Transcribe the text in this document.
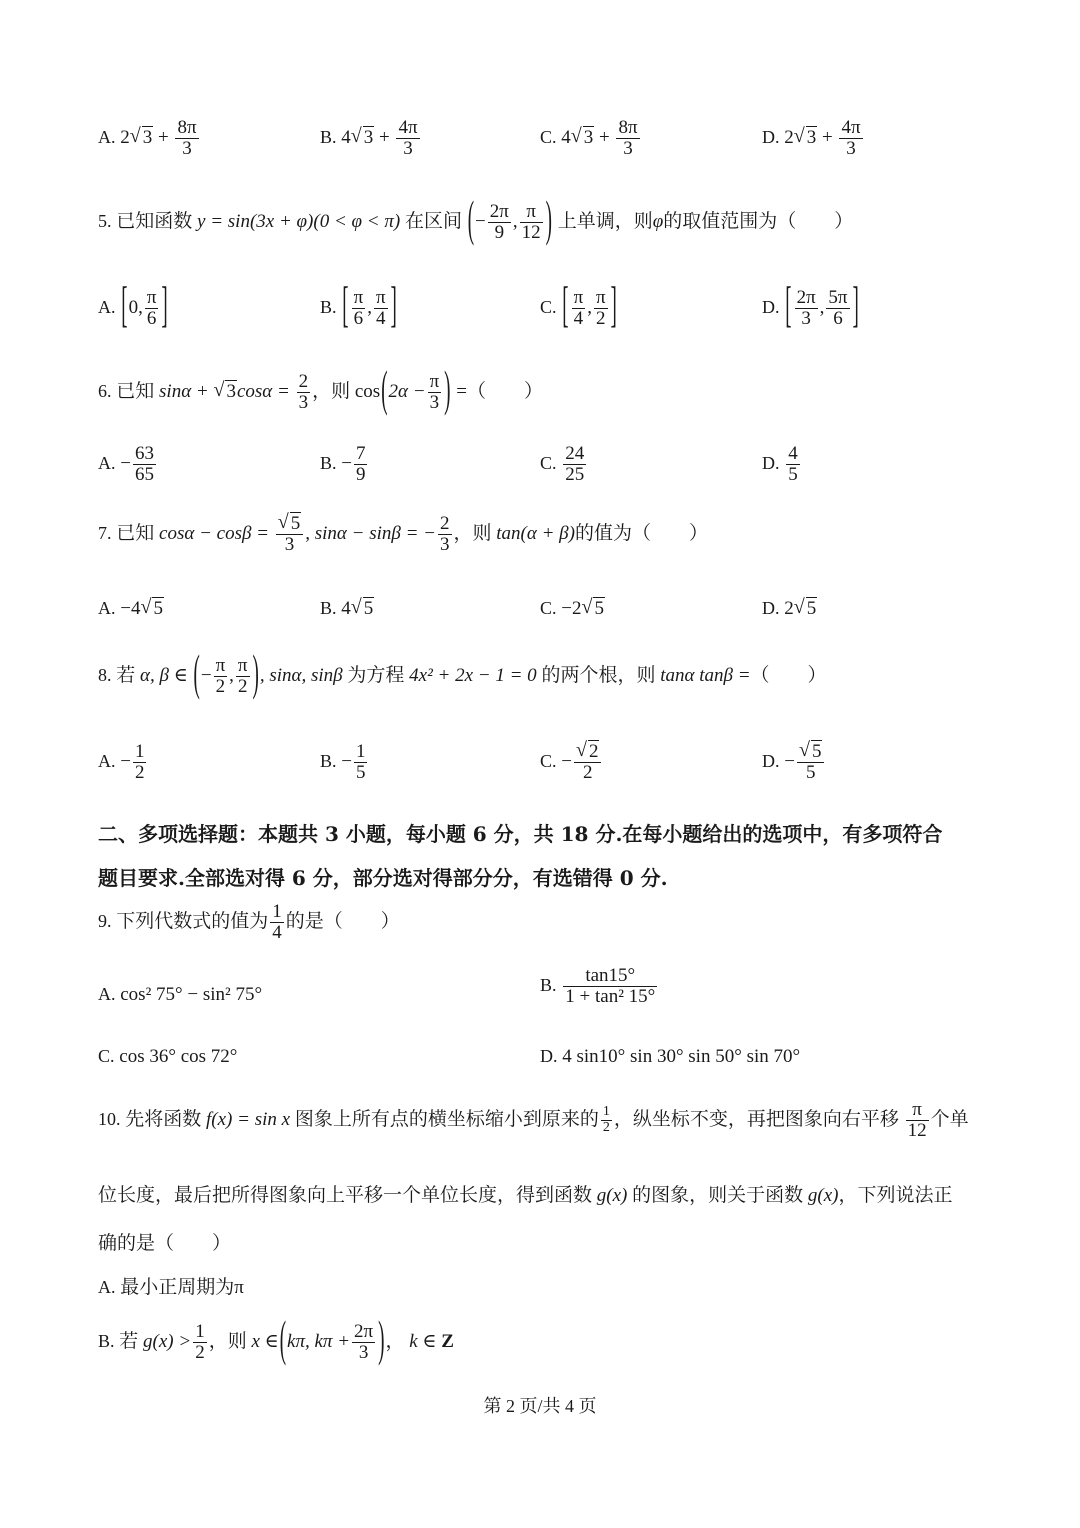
A. 2 √ $3 + \frac{8\pi}{3}$	B. 4 √ $3 + \frac{4\pi}{3}$	C. 4 √ $3 + \frac{8\pi}{3}$	D. 2 √ $3 + \frac{4\pi}{3}$
5. 已知函数 y = sin(3x + φ)(0 < φ < π) 在区间 (− $\frac{2\pi}{9}$ , $\frac{\pi}{12}$ ) 上单调，则φ的取值范围为（　　）
A. [0, $\frac{\pi}{6}$ ]	B. [ $\frac{\pi}{6}$ , $\frac{\pi}{4}$ ]	C. [ $\frac{\pi}{4}$ , $\frac{\pi}{2}$ ]	D. [ $\frac{2\pi}{3}$ , $\frac{5\pi}{6}$ ]
6. 已知 sinα + √ $3\cos\alpha = \frac{2}{3}$ ，则 $\cos(2\alpha - \frac{\pi}{3}$ ) =（　　）
A. − $\frac{63}{65}$	B. − $\frac{7}{9}$	C. $\frac{24}{25}$	D. $\frac{4}{5}$
7. 已知 cosα − cosβ = √ $\frac{5}{3}$ , sinα − sinβ = − $\frac{2}{3}$ ，则 tan(α + β)的值为（　　）
A. −4 √ 5	B. 4 √ 5	C. −2 √ 5	D. 2 √ 5
8. 若 α, β ∈ (− $\frac{\pi}{2}$ , $\frac{\pi}{2}$ ), sinα, sinβ 为方程 4x² + 2x − 1 = 0 的两个根，则 tanα tanβ =（　　）
A. − $\frac{1}{2}$	B. − $\frac{1}{5}$	C. − √ $\frac{2}{2}$	D. − √ $\frac{5}{5}$
二、多项选择题：本题共 3 小题，每小题 6 分，共 18 分.在每小题给出的选项中，有多项符合
题目要求.全部选对得 6 分，部分选对得部分分，有选错得 0 分.
9. 下列代数式的值为 $\frac{1}{4}$ 的是（　　）
A. cos² 75° − sin² 75°	B. $\frac{\tan 15^\circ}{\text{1 + tan² 15°}}$
C. cos 36° cos 72°	D. 4 sin10° sin 30° sin 50° sin 70°
10. 先将函数 f(x) = sin x 图象上所有点的横坐标缩小到原来的 $\frac{1}{2}$ ，纵坐标不变，再把图象向右平移 $\frac{\pi}{12}$ 个单
位长度，最后把所得图象向上平移一个单位长度，得到函数 g(x) 的图象，则关于函数 g(x)，下列说法正
确的是（　　）
A. 最小正周期为π
B. 若 $g(x) > \frac{1}{2}$ ，则 x ∈(kπ, $k\pi + \frac{2\pi}{3}$ )， k ∈ Z
第 2 页/共 4 页
